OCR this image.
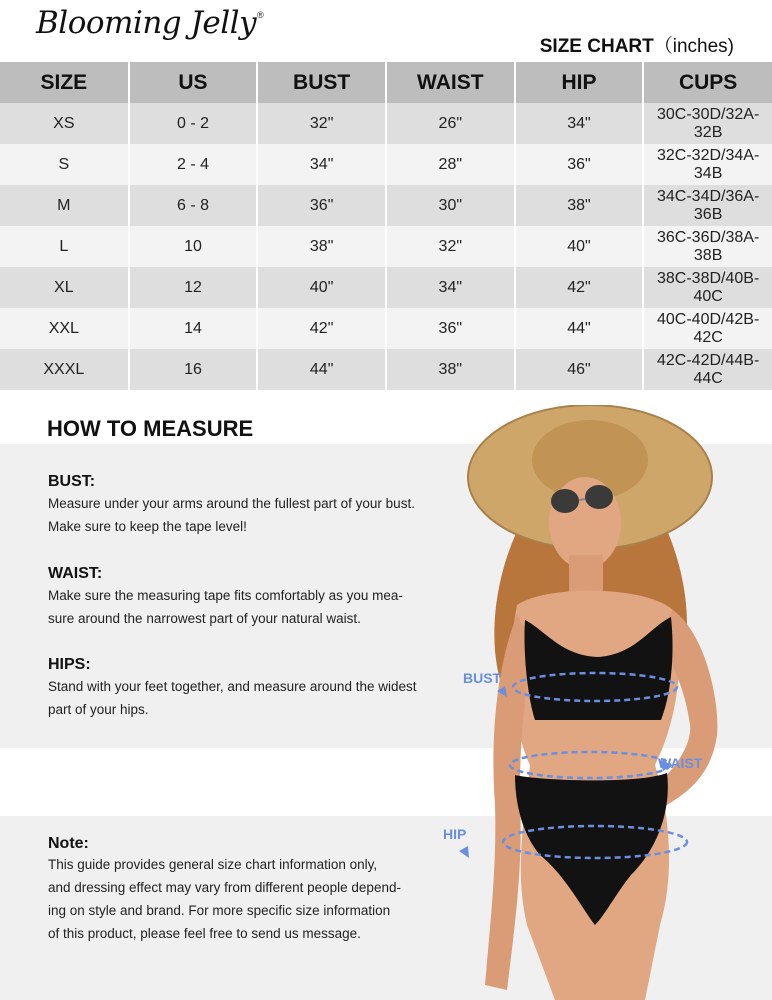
Blooming Jelly ®
SIZE CHART（inches)
SIZE	US	BUST	WAIST	HIP	CUPS
XS	0 - 2	32"	26"	34"	30C-30D/32A-32B
S	2 - 4	34"	28"	36"	32C-32D/34A-34B
M	6 - 8	36"	30"	38"	34C-34D/36A-36B
L	10	38"	32"	40"	36C-36D/38A-38B
XL	12	40"	34"	42"	38C-38D/40B-40C
XXL	14	42"	36"	44"	40C-40D/42B-42C
XXXL	16	44"	38"	46"	42C-42D/44B-44C
HOW TO MEASURE
BUST:
Measure under your arms around the fullest part of your bust.
Make sure to keep the tape level!
WAIST:
Make sure the measuring tape fits comfortably as you mea-
sure around the narrowest part of your natural waist.
HIPS:
Stand with your feet together, and measure around the widest
part of your hips.
Note:
This guide provides general size chart information only,
and dressing effect may vary from different people depend-
ing on style and brand. For more specific size information
of this product, please feel free to send us message.
BUST
WAIST
HIP
